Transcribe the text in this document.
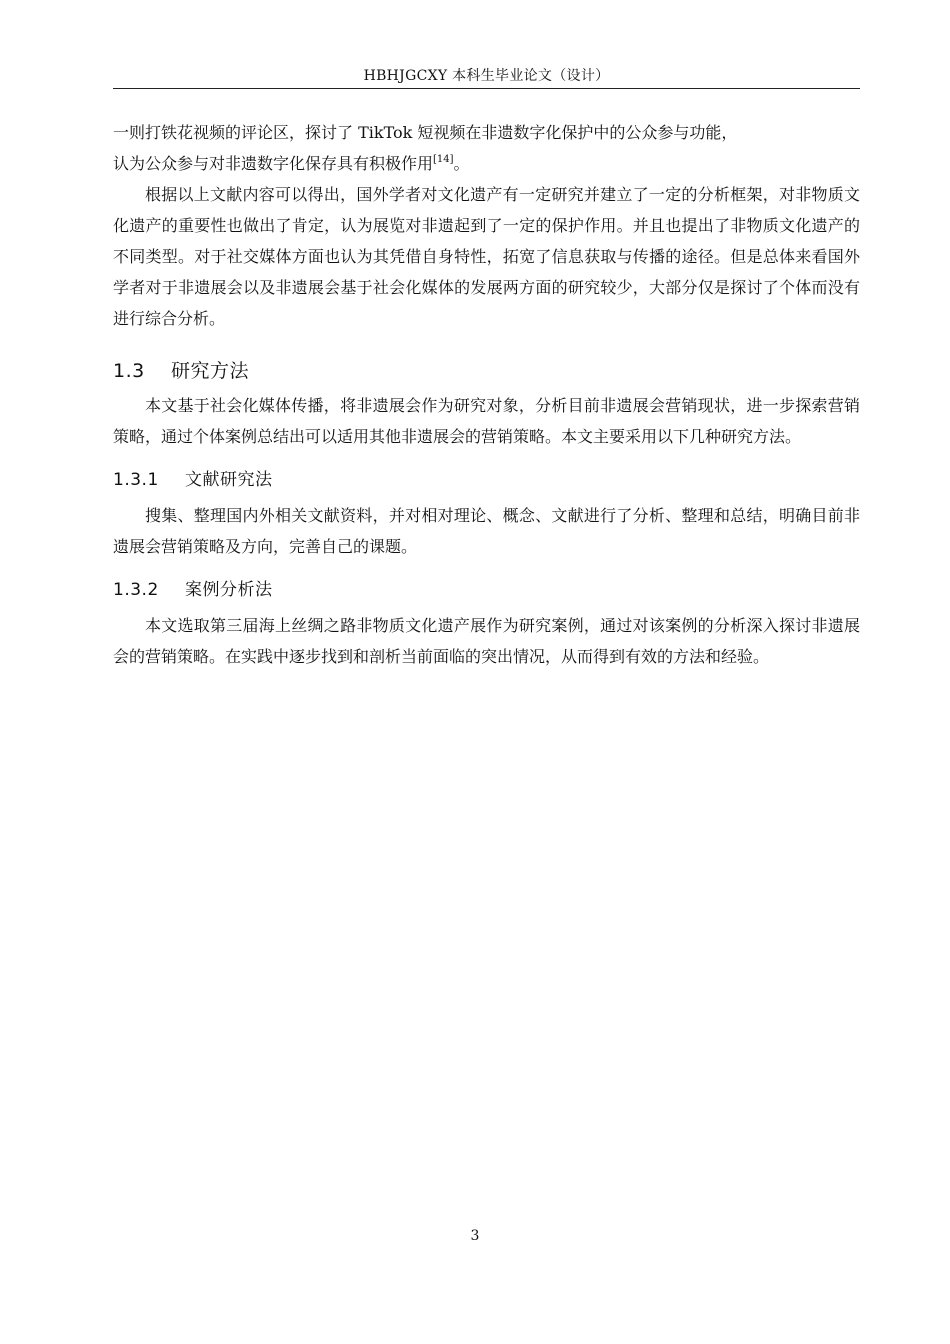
HBHJGCXY 本科生毕业论文（设计）

一则打铁花视频的评论区，探讨了 TikTok 短视频在非遗数字化保护中的公众参与功能，
认为公众参与对非遗数字化保存具有积极作用[14]。

根据以上文献内容可以得出，国外学者对文化遗产有一定研究并建立了一定的分析框架，对非物质文化遗产的重要性也做出了肯定，认为展览对非遗起到了一定的保护作用。并且也提出了非物质文化遗产的不同类型。对于社交媒体方面也认为其凭借自身特性，拓宽了信息获取与传播的途径。但是总体来看国外学者对于非遗展会以及非遗展会基于社会化媒体的发展两方面的研究较少，大部分仅是探讨了个体而没有进行综合分析。

1.3 研究方法

本文基于社会化媒体传播，将非遗展会作为研究对象，分析目前非遗展会营销现状，进一步探索营销策略，通过个体案例总结出可以适用其他非遗展会的营销策略。本文主要采用以下几种研究方法。

1.3.1 文献研究法

搜集、整理国内外相关文献资料，并对相对理论、概念、文献进行了分析、整理和总结，明确目前非遗展会营销策略及方向，完善自己的课题。

1.3.2 案例分析法

本文选取第三届海上丝绸之路非物质文化遗产展作为研究案例，通过对该案例的分析深入探讨非遗展会的营销策略。在实践中逐步找到和剖析当前面临的突出情况，从而得到有效的方法和经验。

3
